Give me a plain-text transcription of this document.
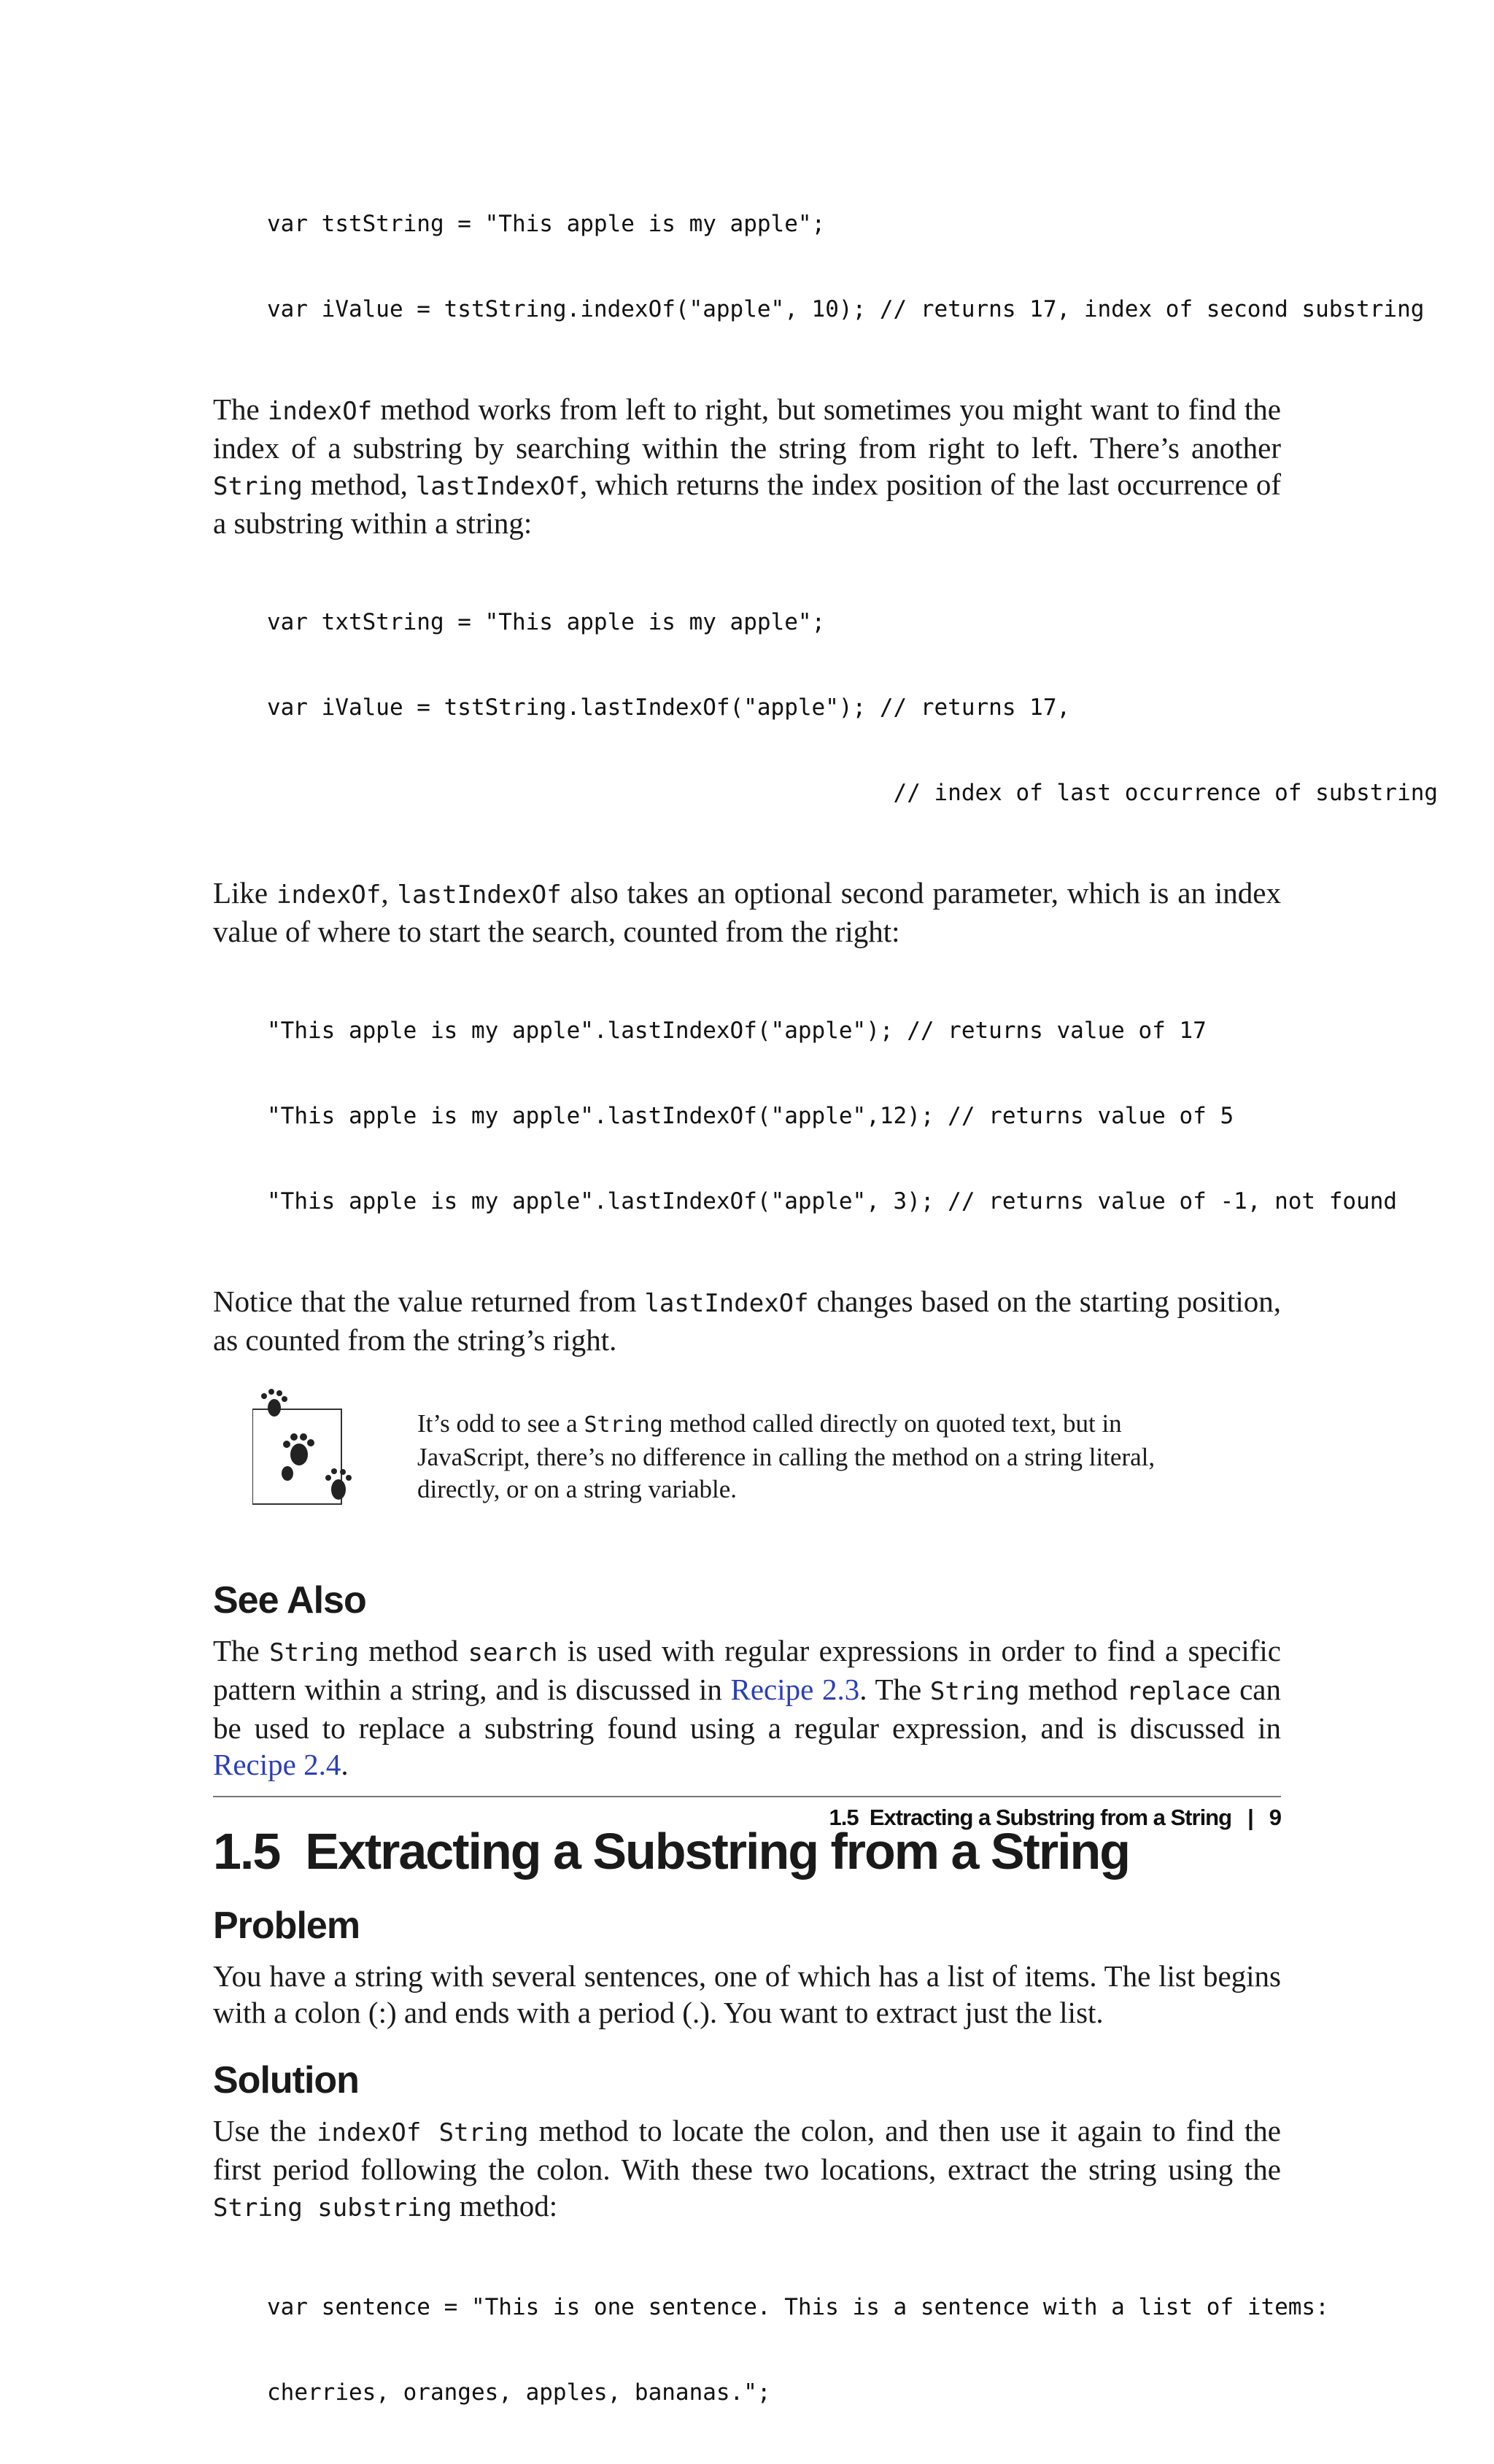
var tstString = "This apple is my apple";

var iValue = tstString.indexOf("apple", 10); // returns 17, index of second substring

The indexOf method works from left to right, but sometimes you might want to find the index of a substring by searching within the string from right to left. There’s another String method, lastIndexOf, which returns the index position of the last occurrence of a substring within a string:

var txtString = "This apple is my apple";

var iValue = tstString.lastIndexOf("apple"); // returns 17,

// index of last occurrence of substring

Like indexOf, lastIndexOf also takes an optional second parameter, which is an index value of where to start the search, counted from the right:

"This apple is my apple".lastIndexOf("apple"); // returns value of 17

"This apple is my apple".lastIndexOf("apple",12); // returns value of 5

"This apple is my apple".lastIndexOf("apple", 3); // returns value of -1, not found

Notice that the value returned from lastIndexOf changes based on the starting position, as counted from the string’s right.

It’s odd to see a String method called directly on quoted text, but in JavaScript, there’s no difference in calling the method on a string literal, directly, or on a string variable.
See Also

The String method search is used with regular expressions in order to find a specific pattern within a string, and is discussed in Recipe 2.3. The String method replace can be used to replace a substring found using a regular expression, and is discussed in Recipe 2.4.

1.5  Extracting a Substring from a String
Problem

You have a string with several sentences, one of which has a list of items. The list begins with a colon (:) and ends with a period (.). You want to extract just the list.

Solution

Use the indexOf String method to locate the colon, and then use it again to find the first period following the colon. With these two locations, extract the string using the String substring method:

var sentence = "This is one sentence. This is a sentence with a list of items:

cherries, oranges, apples, bananas.";

1.5  Extracting a Substring from a String | 9
